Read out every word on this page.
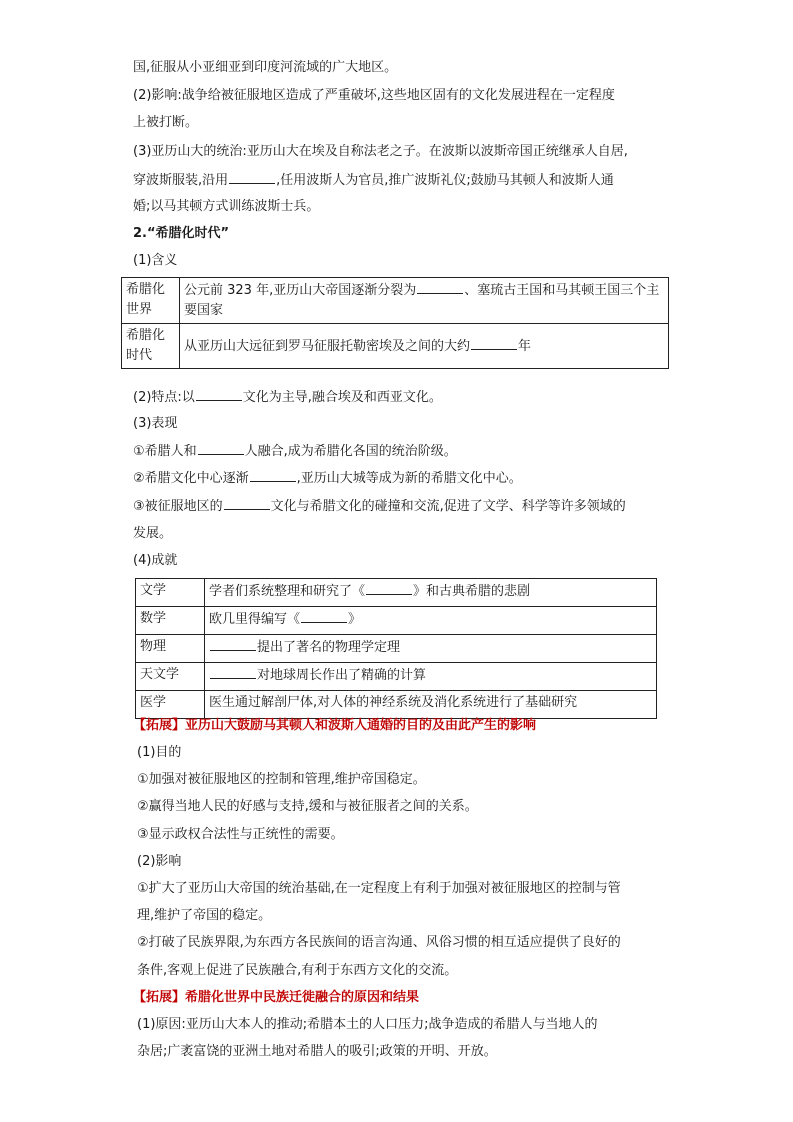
国,征服从小亚细亚到印度河流域的广大地区。
(2)影响:战争给被征服地区造成了严重破坏,这些地区固有的文化发展进程在一定程度
上被打断。
(3)亚历山大的统治:亚历山大在埃及自称法老之子。在波斯以波斯帝国正统继承人自居,
穿波斯服装,沿用	,任用波斯人为官员,推广波斯礼仪;鼓励马其顿人和波斯人通
婚;以马其顿方式训练波斯士兵。
2.“希腊化时代”
(1)含义
希腊化世界	公元前 323 年,亚历山大帝国逐渐分裂为 、塞琉古王国和马其顿王国三个主要国家
希腊化时代	从亚历山大远征到罗马征服托勒密埃及之间的大约 年
(2)特点:以	文化为主导,融合埃及和西亚文化。
(3)表现
①希腊人和	人融合,成为希腊化各国的统治阶级。
②希腊文化中心逐渐	,亚历山大城等成为新的希腊文化中心。
③被征服地区的	文化与希腊文化的碰撞和交流,促进了文学、科学等许多领域的
发展。
(4)成就
文学	学者们系统整理和研究了《 》和古典希腊的悲剧
数学	欧几里得编写《 》
物理	提出了著名的物理学定理
天文学	对地球周长作出了精确的计算
医学	医生通过解剖尸体,对人体的神经系统及消化系统进行了基础研究
【拓展】亚历山大鼓励马其顿人和波斯人通婚的目的及由此产生的影响
(1)目的
①加强对被征服地区的控制和管理,维护帝国稳定。
②赢得当地人民的好感与支持,缓和与被征服者之间的关系。
③显示政权合法性与正统性的需要。
(2)影响
①扩大了亚历山大帝国的统治基础,在一定程度上有利于加强对被征服地区的控制与管
理,维护了帝国的稳定。
②打破了民族界限,为东西方各民族间的语言沟通、风俗习惯的相互适应提供了良好的
条件,客观上促进了民族融合,有利于东西方文化的交流。
【拓展】希腊化世界中民族迁徙融合的原因和结果
(1)原因:亚历山大本人的推动;希腊本土的人口压力;战争造成的希腊人与当地人的
杂居;广袤富饶的亚洲土地对希腊人的吸引;政策的开明、开放。
